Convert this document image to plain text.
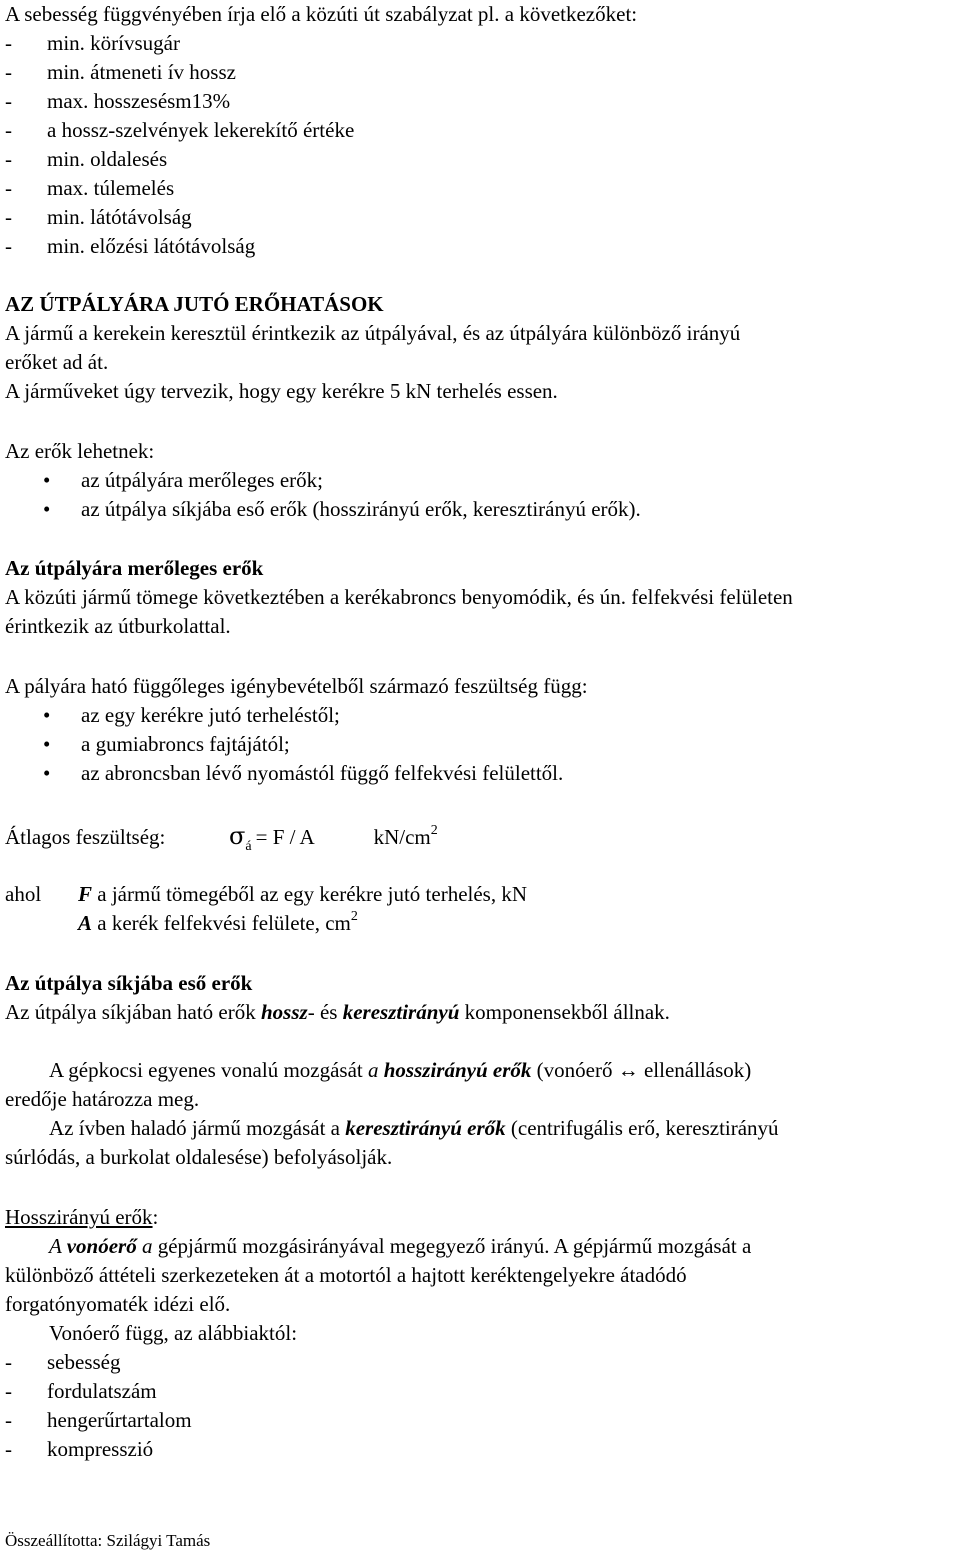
A sebesség függvényében írja elő a közúti út szabályzat pl. a következőket:
- min. körívsugár
- min. átmeneti ív hossz
- max. hosszesésm13%
- a hossz-szelvények lekerekítő értéke
- min. oldalesés
- max. túlemelés
- min. látótávolság
- min. előzési látótávolság
AZ ÚTPÁLYÁRA JUTÓ ERŐHATÁSOK
A jármű a kerekein keresztül érintkezik az útpályával, és az útpályára különböző irányú
erőket ad át.
A járműveket úgy tervezik, hogy egy kerékre 5 kN terhelés essen.
Az erők lehetnek:
•az útpályára merőleges erők;
•az útpálya síkjába eső erők (hosszirányú erők, keresztirányú erők).
Az útpályára merőleges erők
A közúti jármű tömege következtében a kerékabroncs benyomódik, és ún. felfekvési felületen
érintkezik az útburkolattal.
A pályára ható függőleges igénybevételből származó feszültség függ:
•az egy kerékre jutó terheléstől;
•a gumiabroncs fajtájától;
•az abroncsban lévő nyomástól függő felfekvési felülettől.
Átlagos feszültség:	$\sigma_á = F / A$	$kN/cm^2$
ahol F a jármű tömegéből az egy kerékre jutó terhelés, kN
A a kerék felfekvési felülete, $cm^2$
Az útpálya síkjába eső erők
Az útpálya síkjában ható erők hossz- és keresztirányú komponensekből állnak.
A gépkocsi egyenes vonalú mozgását a hosszirányú erők (vonóerő ↔ ellenállások)
eredője határozza meg.
Az ívben haladó jármű mozgását a keresztirányú erők (centrifugális erő, keresztirányú
súrlódás, a burkolat oldalesése) befolyásolják.
Hosszirányú erők:
A vonóerő a gépjármű mozgásirányával megegyező irányú. A gépjármű mozgását a
különböző áttételi szerkezeteken át a motortól a hajtott keréktengelyekre átadódó
forgatónyomaték idézi elő.
Vonóerő függ, az alábbiaktól:
- sebesség
- fordulatszám
- hengerűrtartalom
- kompresszió
Összeállította: Szilágyi Tamás
